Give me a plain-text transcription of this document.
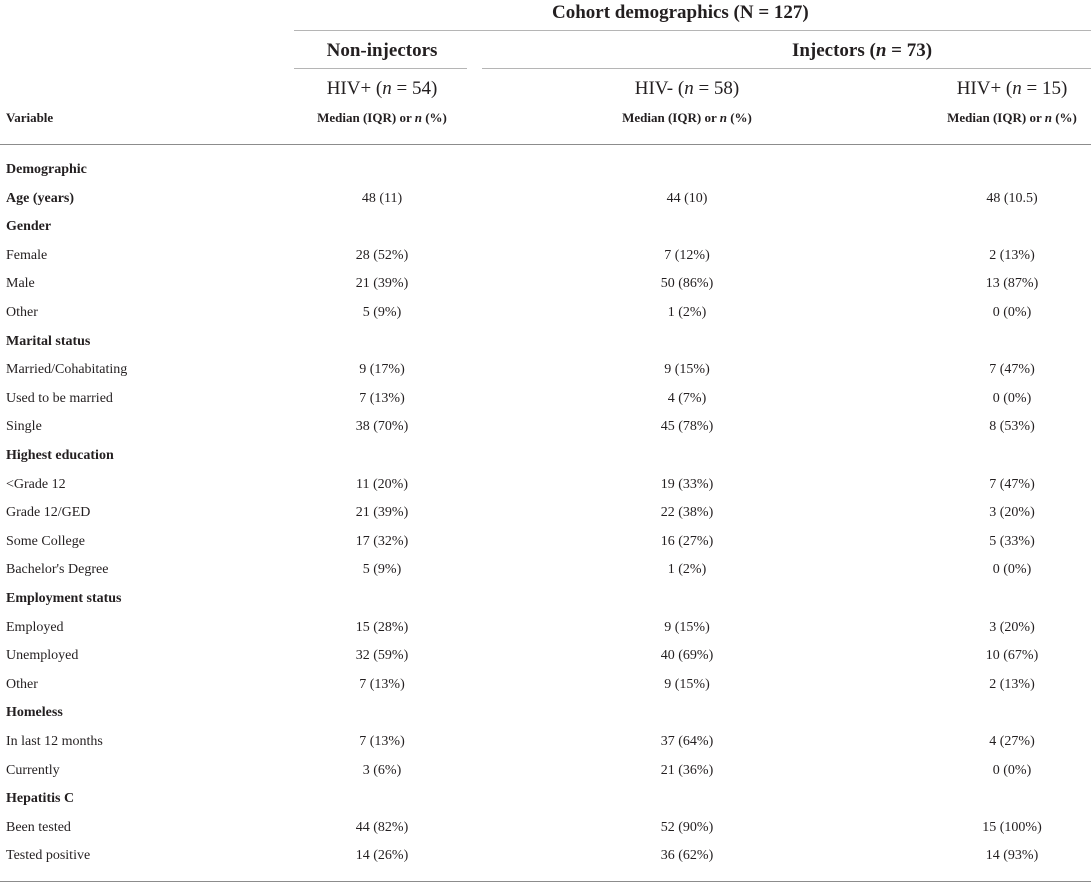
Cohort demographics (N = 127)
Non-injectors	Injectors (n = 73)
HIV+ (n = 54)	HIV- (n = 58)	HIV+ (n = 15)
Variable	Median (IQR) or n (%)	Median (IQR) or n (%)	Median (IQR) or n (%)
Demographic
Age (years)	48 (11)	44 (10)	48 (10.5)
Gender
Female	28 (52%)	7 (12%)	2 (13%)
Male	21 (39%)	50 (86%)	13 (87%)
Other	5 (9%)	1 (2%)	0 (0%)
Marital status
Married/Cohabitating	9 (17%)	9 (15%)	7 (47%)
Used to be married	7 (13%)	4 (7%)	0 (0%)
Single	38 (70%)	45 (78%)	8 (53%)
Highest education
<Grade 12	11 (20%)	19 (33%)	7 (47%)
Grade 12/GED	21 (39%)	22 (38%)	3 (20%)
Some College	17 (32%)	16 (27%)	5 (33%)
Bachelor's Degree	5 (9%)	1 (2%)	0 (0%)
Employment status
Employed	15 (28%)	9 (15%)	3 (20%)
Unemployed	32 (59%)	40 (69%)	10 (67%)
Other	7 (13%)	9 (15%)	2 (13%)
Homeless
In last 12 months	7 (13%)	37 (64%)	4 (27%)
Currently	3 (6%)	21 (36%)	0 (0%)
Hepatitis C
Been tested	44 (82%)	52 (90%)	15 (100%)
Tested positive	14 (26%)	36 (62%)	14 (93%)
